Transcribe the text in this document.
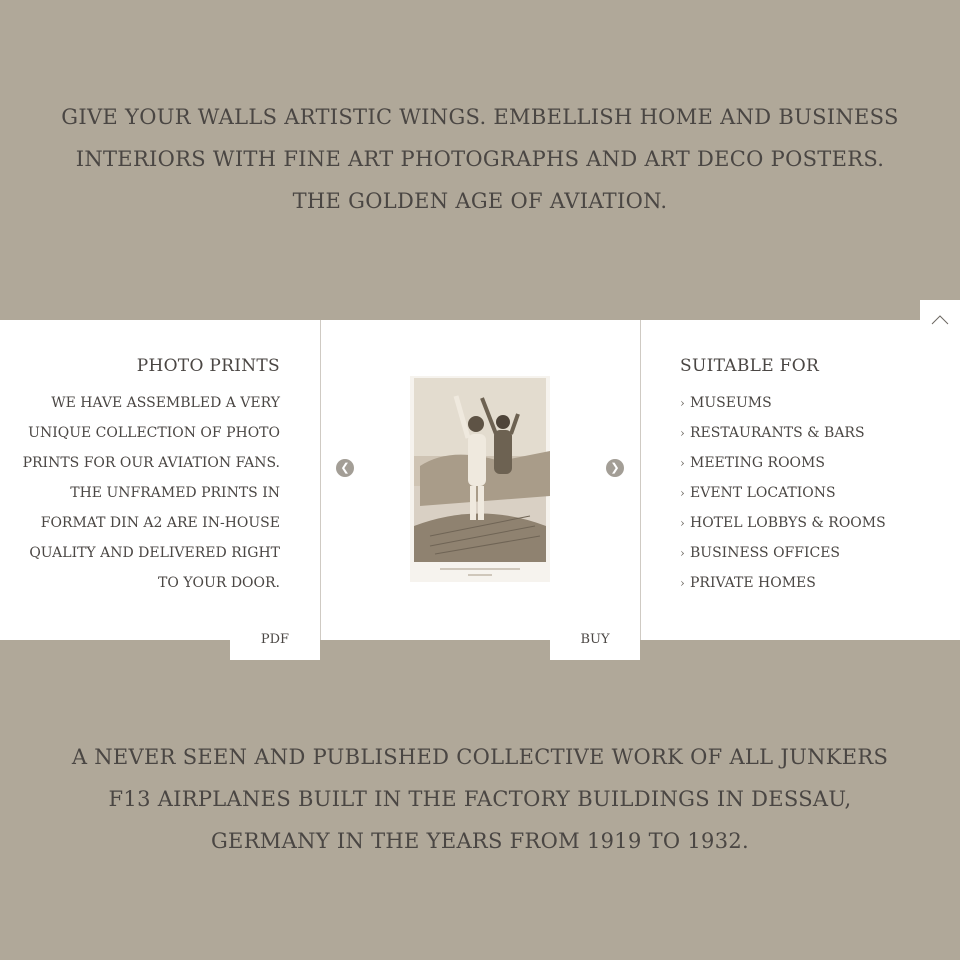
GIVE YOUR WALLS ARTISTIC WINGS. EMBELLISH HOME AND BUSINESS INTERIORS WITH FINE ART PHOTOGRAPHS AND ART DECO POSTERS. THE GOLDEN AGE OF AVIATION.
PHOTO PRINTS
WE HAVE ASSEMBLED A VERY UNIQUE COLLECTION OF PHOTO PRINTS FOR OUR AVIATION FANS. THE UNFRAMED PRINTS IN FORMAT DIN A2 ARE IN-HOUSE QUALITY AND DELIVERED RIGHT TO YOUR DOOR.
PDF
❮	❯
BUY
SUITABLE FOR
› MUSEUMS
› RESTAURANTS & BARS
› MEETING ROOMS
› EVENT LOCATIONS
› HOTEL LOBBYS & ROOMS
› BUSINESS OFFICES
› PRIVATE HOMES
A NEVER SEEN AND PUBLISHED COLLECTIVE WORK OF ALL JUNKERS F13 AIRPLANES BUILT IN THE FACTORY BUILDINGS IN DESSAU, GERMANY IN THE YEARS FROM 1919 TO 1932.
